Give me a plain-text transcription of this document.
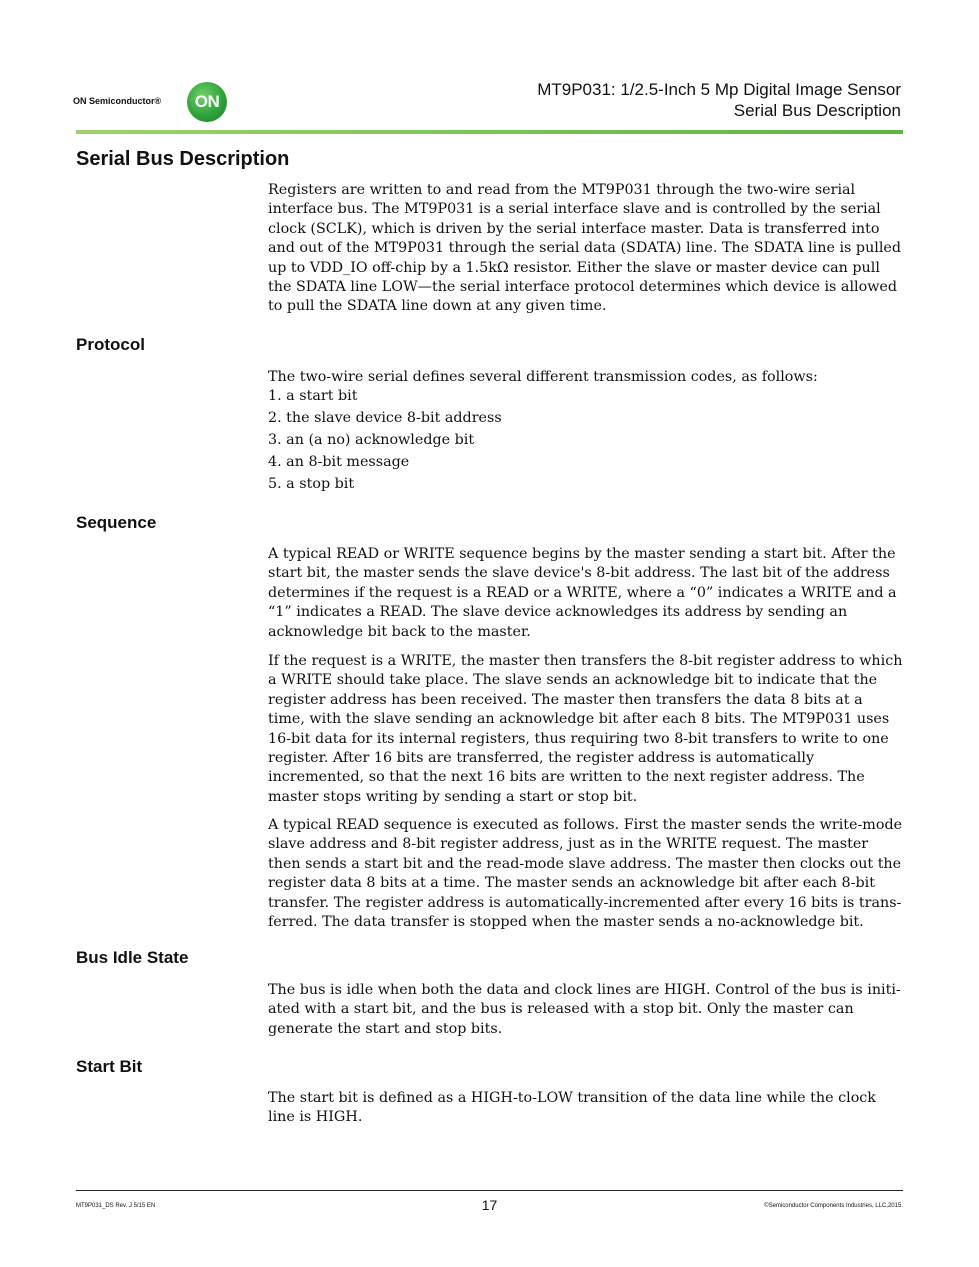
ON Semiconductor® ON
MT9P031: 1/2.5-Inch 5 Mp Digital Image Sensor
Serial Bus Description
Serial Bus Description

Registers are written to and read from the MT9P031 through the two-wire serial interface bus. The MT9P031 is a serial interface slave and is controlled by the serial clock (SCLK), which is driven by the serial interface master. Data is transferred into and out of the MT9P031 through the serial data (SDATA) line. The SDATA line is pulled up to VDD_IO off-chip by a 1.5kΩ resistor. Either the slave or master device can pull the SDATA line LOW—the serial interface protocol determines which device is allowed to pull the SDATA line down at any given time.

Protocol

The two-wire serial defines several different transmission codes, as follows:

1. a start bit
2. the slave device 8-bit address
3. an (a no) acknowledge bit
4. an 8-bit message
5. a stop bit
Sequence

A typical READ or WRITE sequence begins by the master sending a start bit. After the start bit, the master sends the slave device's 8-bit address. The last bit of the address determines if the request is a READ or a WRITE, where a “0” indicates a WRITE and a “1” indicates a READ. The slave device acknowledges its address by sending an acknowledge bit back to the master.

If the request is a WRITE, the master then transfers the 8-bit register address to which a WRITE should take place. The slave sends an acknowledge bit to indicate that the register address has been received. The master then transfers the data 8 bits at a time, with the slave sending an acknowledge bit after each 8 bits. The MT9P031 uses 16-bit data for its internal registers, thus requiring two 8-bit transfers to write to one register. After 16 bits are transferred, the register address is automatically incremented, so that the next 16 bits are written to the next register address. The master stops writing by sending a start or stop bit.

A typical READ sequence is executed as follows. First the master sends the write-mode slave address and 8-bit register address, just as in the WRITE request. The master then sends a start bit and the read-mode slave address. The master then clocks out the register data 8 bits at a time. The master sends an acknowledge bit after each 8-bit transfer. The register address is automatically-incremented after every 16 bits is trans-ferred. The data transfer is stopped when the master sends a no-acknowledge bit.

Bus Idle State

The bus is idle when both the data and clock lines are HIGH. Control of the bus is initi-ated with a start bit, and the bus is released with a stop bit. Only the master can generate the start and stop bits.

Start Bit

The start bit is defined as a HIGH-to-LOW transition of the data line while the clock line is HIGH.

MT9P031_DS Rev. J 5/15 EN	17	©Semiconductor Components Industries, LLC,2015.
